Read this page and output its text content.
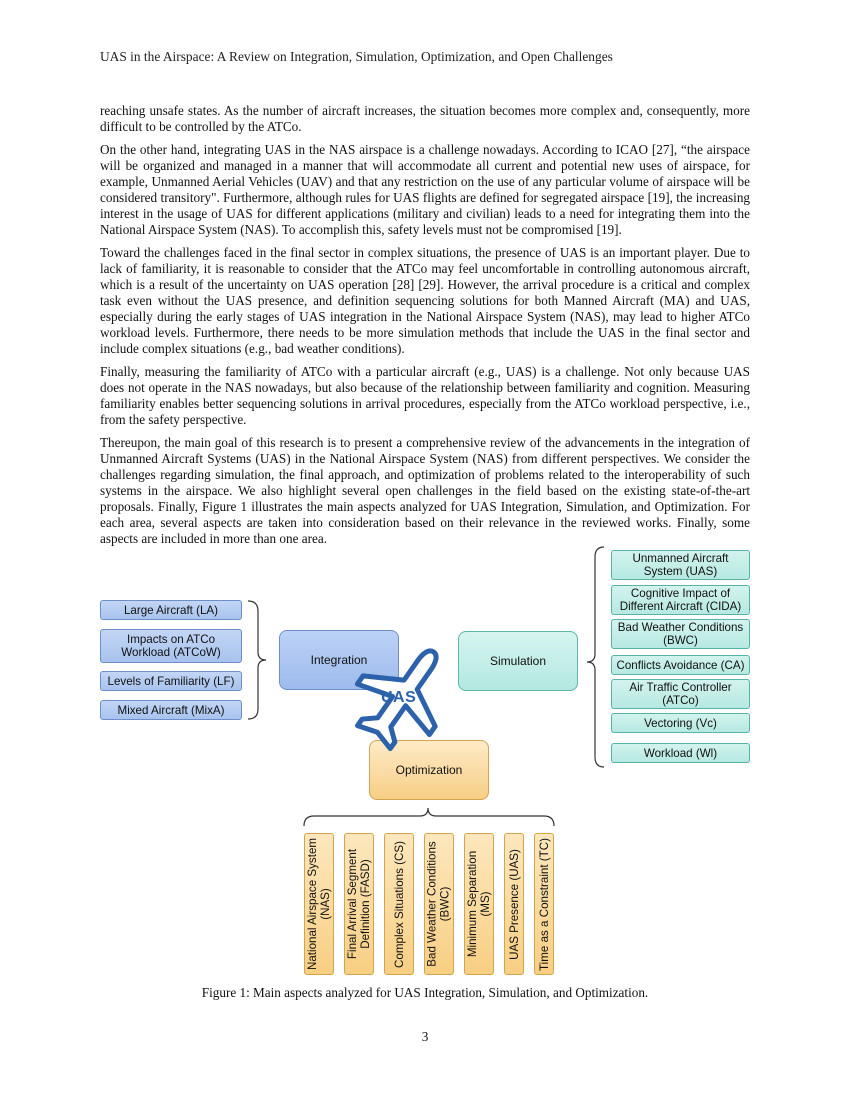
UAS in the Airspace: A Review on Integration, Simulation, Optimization, and Open Challenges

reaching unsafe states. As the number of aircraft increases, the situation becomes more complex and, consequently, more difficult to be controlled by the ATCo.

On the other hand, integrating UAS in the NAS airspace is a challenge nowadays. According to ICAO [27], “the airspace will be organized and managed in a manner that will accommodate all current and potential new uses of airspace, for example, Unmanned Aerial Vehicles (UAV) and that any restriction on the use of any particular volume of airspace will be considered transitory". Furthermore, although rules for UAS flights are defined for segregated airspace [19], the increasing interest in the usage of UAS for different applications (military and civilian) leads to a need for integrating them into the National Airspace System (NAS). To accomplish this, safety levels must not be compromised [19].

Toward the challenges faced in the final sector in complex situations, the presence of UAS is an important player. Due to lack of familiarity, it is reasonable to consider that the ATCo may feel uncomfortable in controlling autonomous aircraft, which is a result of the uncertainty on UAS operation [28] [29]. However, the arrival procedure is a critical and complex task even without the UAS presence, and definition sequencing solutions for both Manned Aircraft (MA) and UAS, especially during the early stages of UAS integration in the National Airspace System (NAS), may lead to higher ATCo workload levels. Furthermore, there needs to be more simulation methods that include the UAS in the final sector and include complex situations (e.g., bad weather conditions).

Finally, measuring the familiarity of ATCo with a particular aircraft (e.g., UAS) is a challenge. Not only because UAS does not operate in the NAS nowadays, but also because of the relationship between familiarity and cognition. Measuring familiarity enables better sequencing solutions in arrival procedures, especially from the ATCo workload perspective, i.e., from the safety perspective.

Thereupon, the main goal of this research is to present a comprehensive review of the advancements in the integration of Unmanned Aircraft Systems (UAS) in the National Airspace System (NAS) from different perspectives. We consider the challenges regarding simulation, the final approach, and optimization of problems related to the interoperability of such systems in the airspace. We also highlight several open challenges in the field based on the existing state-of-the-art proposals. Finally, Figure 1 illustrates the main aspects analyzed for UAS Integration, Simulation, and Optimization. For each area, several aspects are taken into consideration based on their relevance in the reviewed works. Finally, some aspects are included in more than one area.

Large Aircraft (LA)
Impacts on ATCo Workload (ATCoW)
Levels of Familiarity (LF)
Mixed Aircraft (MixA)
Unmanned Aircraft System (UAS)
Cognitive Impact of Different Aircraft (CIDA)
Bad Weather Conditions (BWC)
Conflicts Avoidance (CA)
Air Traffic Controller (ATCo)
Vectoring (Vc)
Workload (Wl)
Integration	Simulation
Optimization
UAS
National Airspace System
(NAS)
Final Arrival Segment
Definition (FASD) Complex Situations (CS) Bad Weather Conditions
(BWC)
Minimum Separation
(MS) UAS Presence (UAS) Time as a Constraint (TC)
Figure 1: Main aspects analyzed for UAS Integration, Simulation, and Optimization.
3
